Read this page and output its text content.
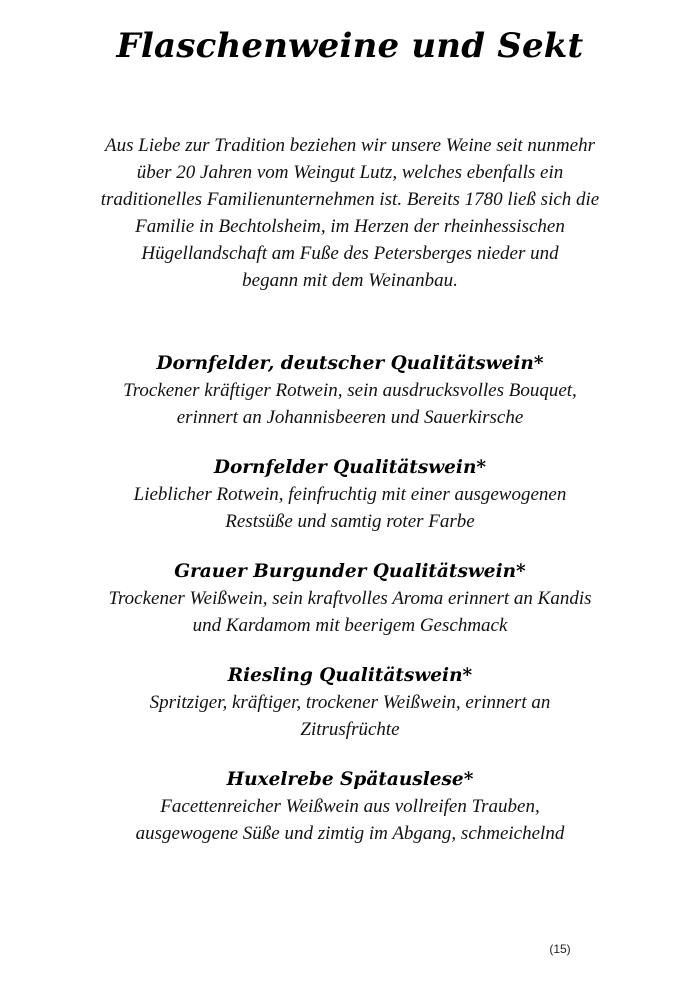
Flaschenweine und Sekt
Aus Liebe zur Tradition beziehen wir unsere Weine seit nunmehr
über 20 Jahren vom Weingut Lutz, welches ebenfalls ein
traditionelles Familienunternehmen ist. Bereits 1780 ließ sich die
Familie in Bechtolsheim, im Herzen der rheinhessischen
Hügellandschaft am Fuße des Petersberges nieder und
begann mit dem Weinanbau.
Dornfelder, deutscher Qualitätswein*
Trockener kräftiger Rotwein, sein ausdrucksvolles Bouquet,
erinnert an Johannisbeeren und Sauerkirsche
Dornfelder Qualitätswein*
Lieblicher Rotwein, feinfruchtig mit einer ausgewogenen
Restsüße und samtig roter Farbe
Grauer Burgunder Qualitätswein*
Trockener Weißwein, sein kraftvolles Aroma erinnert an Kandis
und Kardamom mit beerigem Geschmack
Riesling Qualitätswein*
Spritziger, kräftiger, trockener Weißwein, erinnert an
Zitrusfrüchte
Huxelrebe Spätauslese*
Facettenreicher Weißwein aus vollreifen Trauben,
ausgewogene Süße und zimtig im Abgang, schmeichelnd
(15)
